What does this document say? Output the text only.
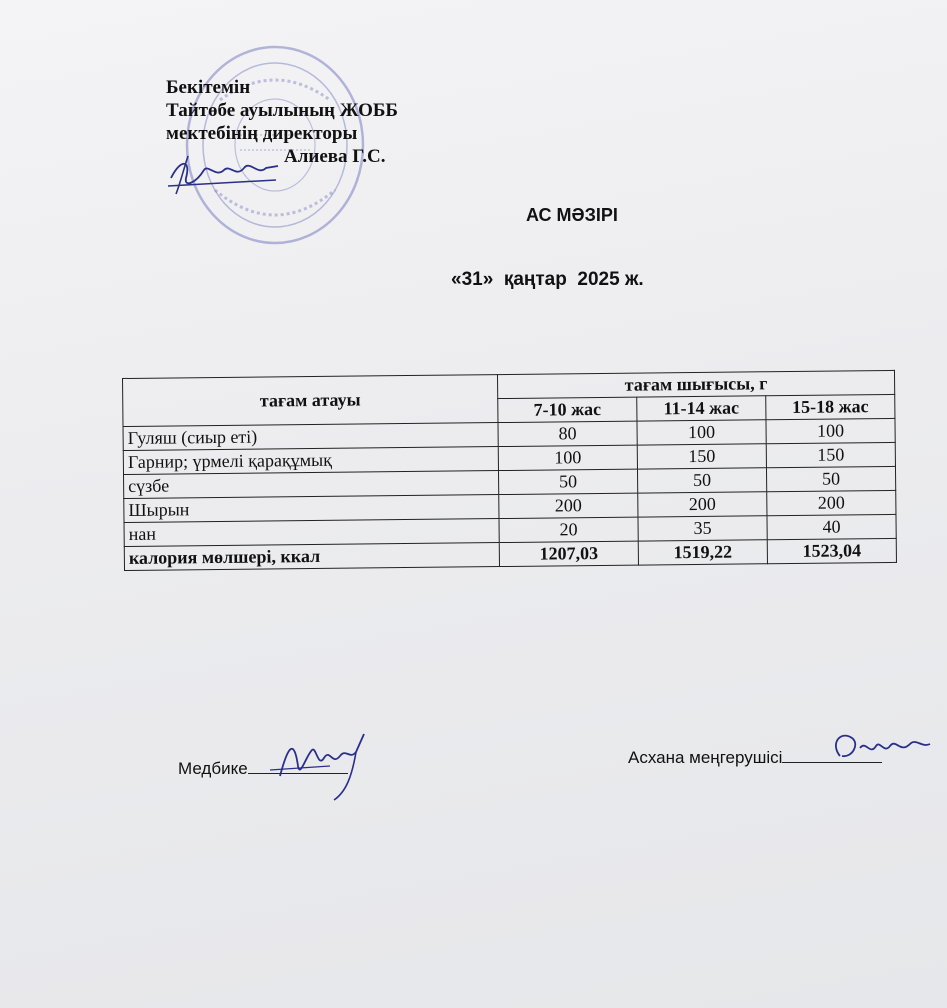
Бекітемін
Тайтөбе ауылының ЖОББ
мектебінің директоры
Алиева Г.С.
АС МӘЗІРІ
«31»  қаңтар  2025 ж.
тағам атауы	тағам шығысы, г		
	7-10 жас	11-14 жас	15-18 жас
Гуляш (сиыр еті)	80	100	100
Гарнир; үрмелі қарақұмық	100	150	150
сүзбе	50	50	50
Шырын	200	200	200
нан	20	35	40
калория мөлшері, ккал	1207,03	1519,22	1523,04
Медбике
Асхана меңгерушісі
